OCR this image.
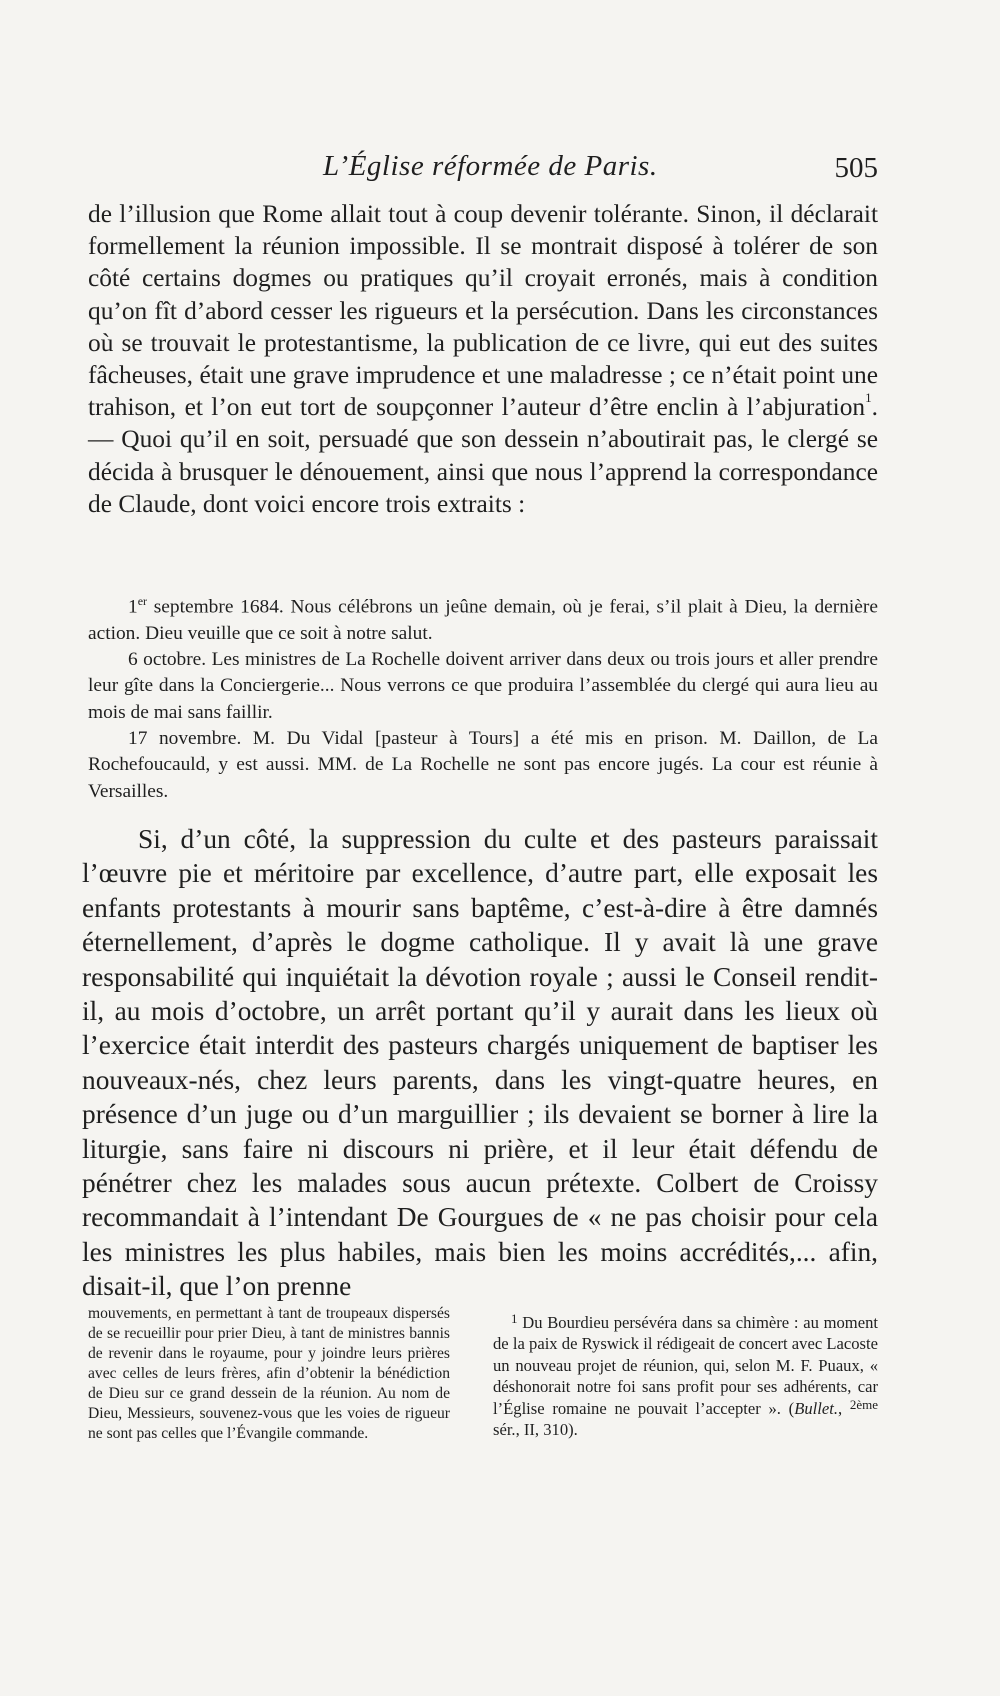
L’Église réformée de Paris.	505

de l’illusion que Rome allait tout à coup devenir tolérante. Sinon, il déclarait formellement la réunion impossible. Il se montrait disposé à tolérer de son côté certains dogmes ou pratiques qu’il croyait erronés, mais à condition qu’on fît d’abord cesser les rigueurs et la persécution. Dans les circonstances où se trouvait le protestantisme, la publication de ce livre, qui eut des suites fâcheuses, était une grave imprudence et une maladresse ; ce n’était point une trahison, et l’on eut tort de soupçonner l’auteur d’être enclin à l’abjuration$^1$. — Quoi qu’il en soit, persuadé que son dessein n’aboutirait pas, le clergé se décida à brusquer le dénouement, ainsi que nous l’apprend la correspondance de Claude, dont voici encore trois extraits :

1er septembre 1684. Nous célébrons un jeûne demain, où je ferai, s’il plait à Dieu, la dernière action. Dieu veuille que ce soit à notre salut.

6 octobre. Les ministres de La Rochelle doivent arriver dans deux ou trois jours et aller prendre leur gîte dans la Conciergerie... Nous verrons ce que produira l’assemblée du clergé qui aura lieu au mois de mai sans faillir.

17 novembre. M. Du Vidal [pasteur à Tours] a été mis en prison. M. Daillon, de La Rochefoucauld, y est aussi. MM. de La Rochelle ne sont pas encore jugés. La cour est réunie à Versailles.

Si, d’un côté, la suppression du culte et des pasteurs paraissait l’œuvre pie et méritoire par excellence, d’autre part, elle exposait les enfants protestants à mourir sans baptême, c’est-à-dire à être damnés éternellement, d’après le dogme catholique. Il y avait là une grave responsabilité qui inquiétait la dévotion royale ; aussi le Conseil rendit-il, au mois d’octobre, un arrêt portant qu’il y aurait dans les lieux où l’exercice était interdit des pasteurs chargés uniquement de baptiser les nouveaux-nés, chez leurs parents, dans les vingt-quatre heures, en présence d’un juge ou d’un marguillier ; ils devaient se borner à lire la liturgie, sans faire ni discours ni prière, et il leur était défendu de pénétrer chez les malades sous aucun prétexte. Colbert de Croissy recommandait à l’intendant De Gourgues de « ne pas choisir pour cela les ministres les plus habiles, mais bien les moins accrédités,... afin, disait-il, que l’on prenne

mouvements, en permettant à tant de troupeaux dispersés de se recueillir pour prier Dieu, à tant de ministres bannis de revenir dans le royaume, pour y joindre leurs prières avec celles de leurs frères, afin d’obtenir la bénédiction de Dieu sur ce grand dessein de la réunion. Au nom de Dieu, Messieurs, souvenez-vous que les voies de rigueur ne sont pas celles que l’Évangile commande.

$^1$ Du Bourdieu persévéra dans sa chimère : au moment de la paix de Ryswick il rédigeait de concert avec Lacoste un nouveau projet de réunion, qui, selon M. F. Puaux, « déshonorait notre foi sans profit pour ses adhérents, car l’Église romaine ne pouvait l’accepter ». (Bullet., $^{2ème}$ sér., II, 310).
